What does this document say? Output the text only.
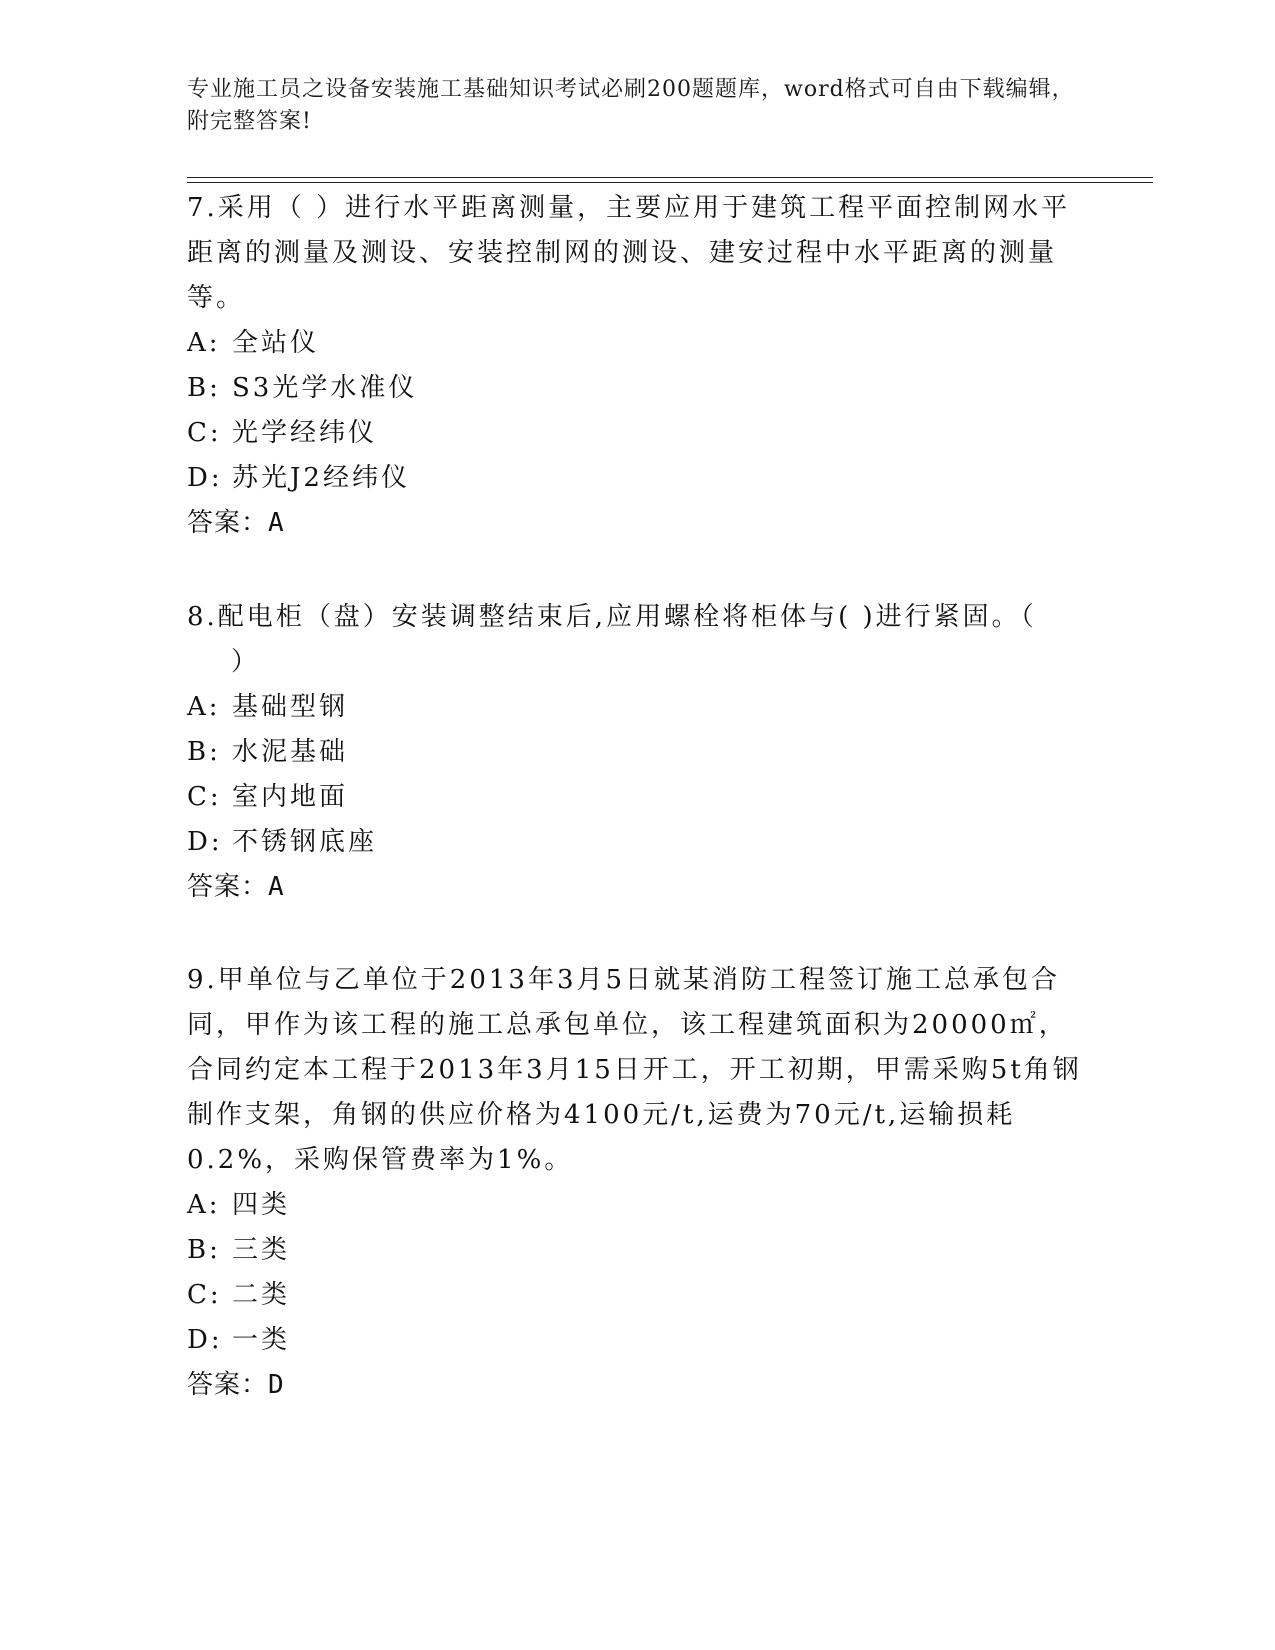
专业施工员之设备安装施工基础知识考试必刷200题题库，word格式可自由下载编辑，附完整答案!

7.采用（ ）进行水平距离测量，主要应用于建筑工程平面控制网水平距离的测量及测设、安装控制网的测设、建安过程中水平距离的测量等。

A: 全站仪
B: S3光学水准仪
C: 光学经纬仪
D: 苏光J2经纬仪

答案：A

8.配电柜（盘）安装调整结束后,应用螺栓将柜体与( )进行紧固。（

）

A: 基础型钢
B: 水泥基础
C: 室内地面
D: 不锈钢底座

答案：A

9.甲单位与乙单位于2013年3月5日就某消防工程签订施工总承包合同，甲作为该工程的施工总承包单位，该工程建筑面积为20000㎡，合同约定本工程于2013年3月15日开工，开工初期，甲需采购5t角钢制作支架，角钢的供应价格为4100元/t,运费为70元/t,运输损耗0.2%，采购保管费率为1%。

A: 四类
B: 三类
C: 二类
D: 一类

答案：D
